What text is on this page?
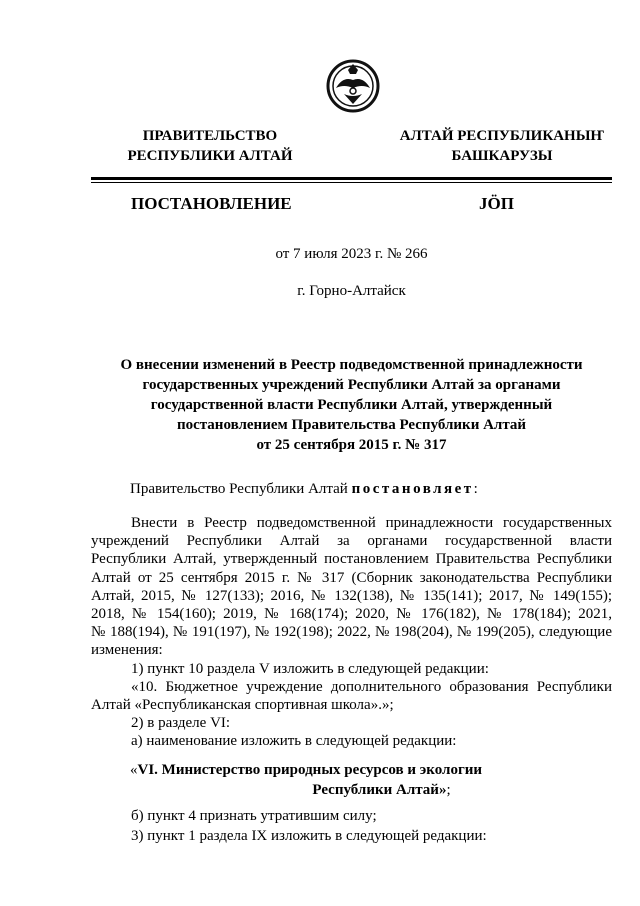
ПРАВИТЕЛЬСТВО
РЕСПУБЛИКИ АЛТАЙ
АЛТАЙ РЕСПУБЛИКАНЫҤ
БАШКАРУЗЫ
ПОСТАНОВЛЕНИЕ	JӦП
от 7 июля 2023 г. № 266
г. Горно-Алтайск
О внесении изменений в Реестр подведомственной принадлежности
государственных учреждений Республики Алтай за органами
государственной власти Республики Алтай, утвержденный
постановлением Правительства Республики Алтай
от 25 сентября 2015 г. № 317
Правительство Республики Алтай постановляет:
Внести в Реестр подведомственной принадлежности государственных
учреждений Республики Алтай за органами государственной власти
Республики Алтай, утвержденный постановлением Правительства Республики
Алтай от 25 сентября 2015 г. № 317 (Сборник законодательства Республики
Алтай, 2015, № 127(133); 2016, № 132(138), № 135(141); 2017, № 149(155);
2018, № 154(160); 2019, № 168(174); 2020, № 176(182), № 178(184); 2021,
№ 188(194), № 191(197), № 192(198); 2022, № 198(204), № 199(205), следующие
изменения:
1) пункт 10 раздела V изложить в следующей редакции:
«10. Бюджетное учреждение дополнительного образования Республики
Алтай «Республиканская спортивная школа».»;
2) в разделе VI:
а) наименование изложить в следующей редакции:
«VI. Министерство природных ресурсов и экологии
Республики Алтай»;
б) пункт 4 признать утратившим силу;
3) пункт 1 раздела IX изложить в следующей редакции:
